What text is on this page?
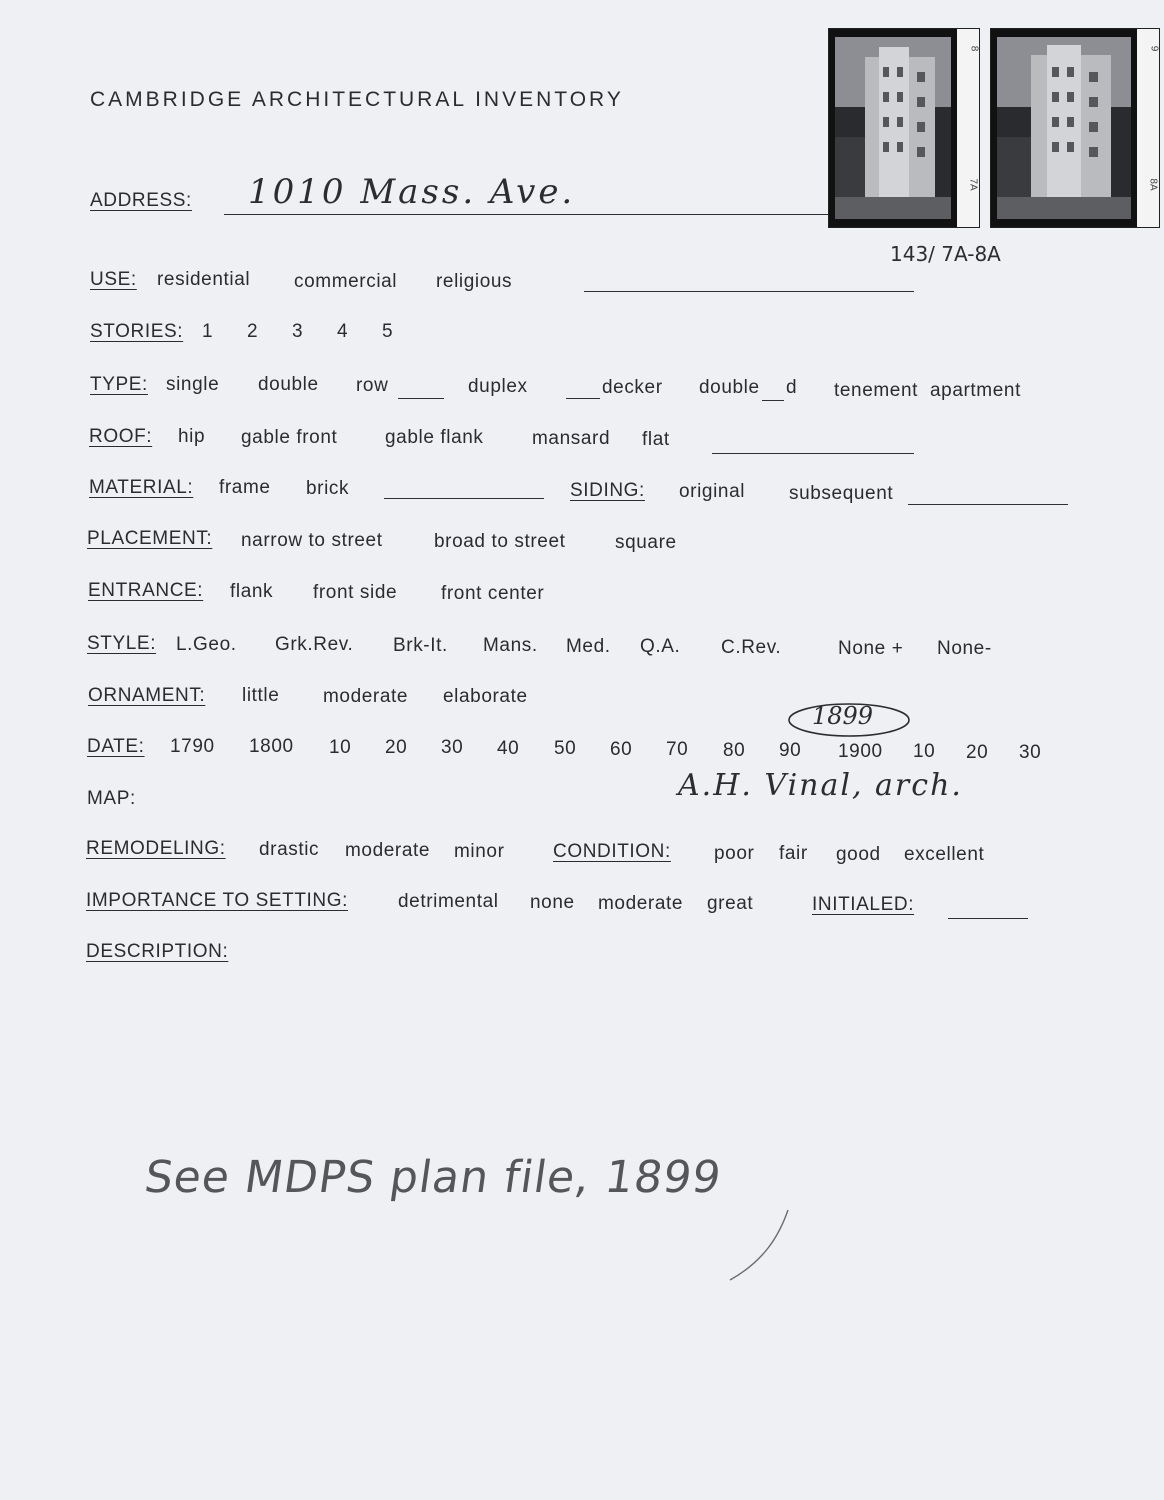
CAMBRIDGE ARCHITECTURAL INVENTORY
8
7A
9
8A
143/ 7A-8A
ADDRESS: 1010 Mass. Ave.
USE: residential commercial religious
STORIES: 1 2 3 4 5
TYPE: single double row	duplex	decker double d tenement apartment
ROOF: hip gable front	gable flank	mansard flat
MATERIAL: frame brick	SIDING: original subsequent
PLACEMENT: narrow to street	broad to street	square
ENTRANCE: flank front side front center
STYLE: L.Geo. Grk.Rev. Brk-It. Mans. Med. Q.A. C.Rev.	None + None-
ORNAMENT: little moderate elaborate
DATE: 1790 1800 10 20 30 40 50 60 70 80 90 1900 10 20 30
1899
MAP:	A.H. Vinal, arch.
REMODELING: drastic moderate minor	CONDITION: poor fair good excellent
IMPORTANCE TO SETTING:	detrimental none moderate great	INITIALED:
DESCRIPTION:
See MDPS plan file, 1899
